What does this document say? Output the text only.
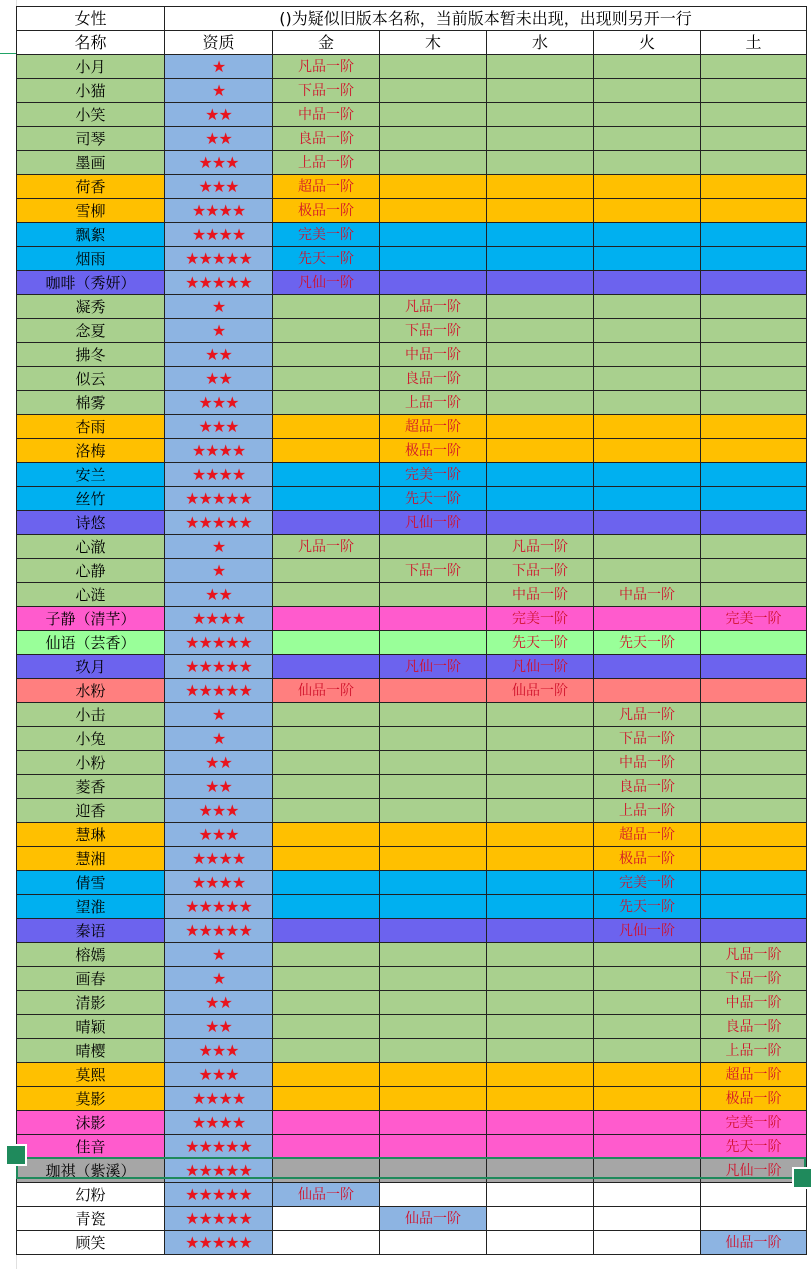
女性	()为疑似旧版本名称，当前版本暂未出现，出现则另开一行					
名称	资质	金	木	水	火	土
小月	★	凡品一阶				
小猫	★	下品一阶				
小笑	★★	中品一阶				
司琴	★★	良品一阶				
墨画	★★★	上品一阶				
荷香	★★★	超品一阶				
雪柳	★★★★	极品一阶				
飘絮	★★★★	完美一阶				
烟雨	★★★★★	先天一阶				
咖啡（秀妍）	★★★★★	凡仙一阶				
凝秀	★		凡品一阶			
念夏	★		下品一阶			
拂冬	★★		中品一阶			
似云	★★		良品一阶			
棉雾	★★★		上品一阶			
杏雨	★★★		超品一阶			
洛梅	★★★★		极品一阶			
安兰	★★★★		完美一阶			
丝竹	★★★★★		先天一阶			
诗悠	★★★★★		凡仙一阶			
心澈	★	凡品一阶		凡品一阶		
心静	★		下品一阶	下品一阶		
心涟	★★			中品一阶	中品一阶	
子静（清芊）	★★★★			完美一阶		完美一阶
仙语（芸香）	★★★★★			先天一阶	先天一阶	
玖月	★★★★★		凡仙一阶	凡仙一阶		
水粉	★★★★★	仙品一阶		仙品一阶		
小击	★				凡品一阶	
小兔	★				下品一阶	
小粉	★★				中品一阶	
菱香	★★				良品一阶	
迎香	★★★				上品一阶	
慧琳	★★★				超品一阶	
慧湘	★★★★				极品一阶	
倩雪	★★★★				完美一阶	
望淮	★★★★★				先天一阶	
秦语	★★★★★				凡仙一阶	
榕嫣	★					凡品一阶
画春	★					下品一阶
清影	★★					中品一阶
晴颖	★★					良品一阶
晴樱	★★★					上品一阶
莫熙	★★★					超品一阶
莫影	★★★★					极品一阶
沫影	★★★★					完美一阶
佳音	★★★★★					先天一阶
珈祺（紫溪）	★★★★★					凡仙一阶
幻粉	★★★★★	仙品一阶				
青瓷	★★★★★		仙品一阶			
顾笑	★★★★★					仙品一阶
